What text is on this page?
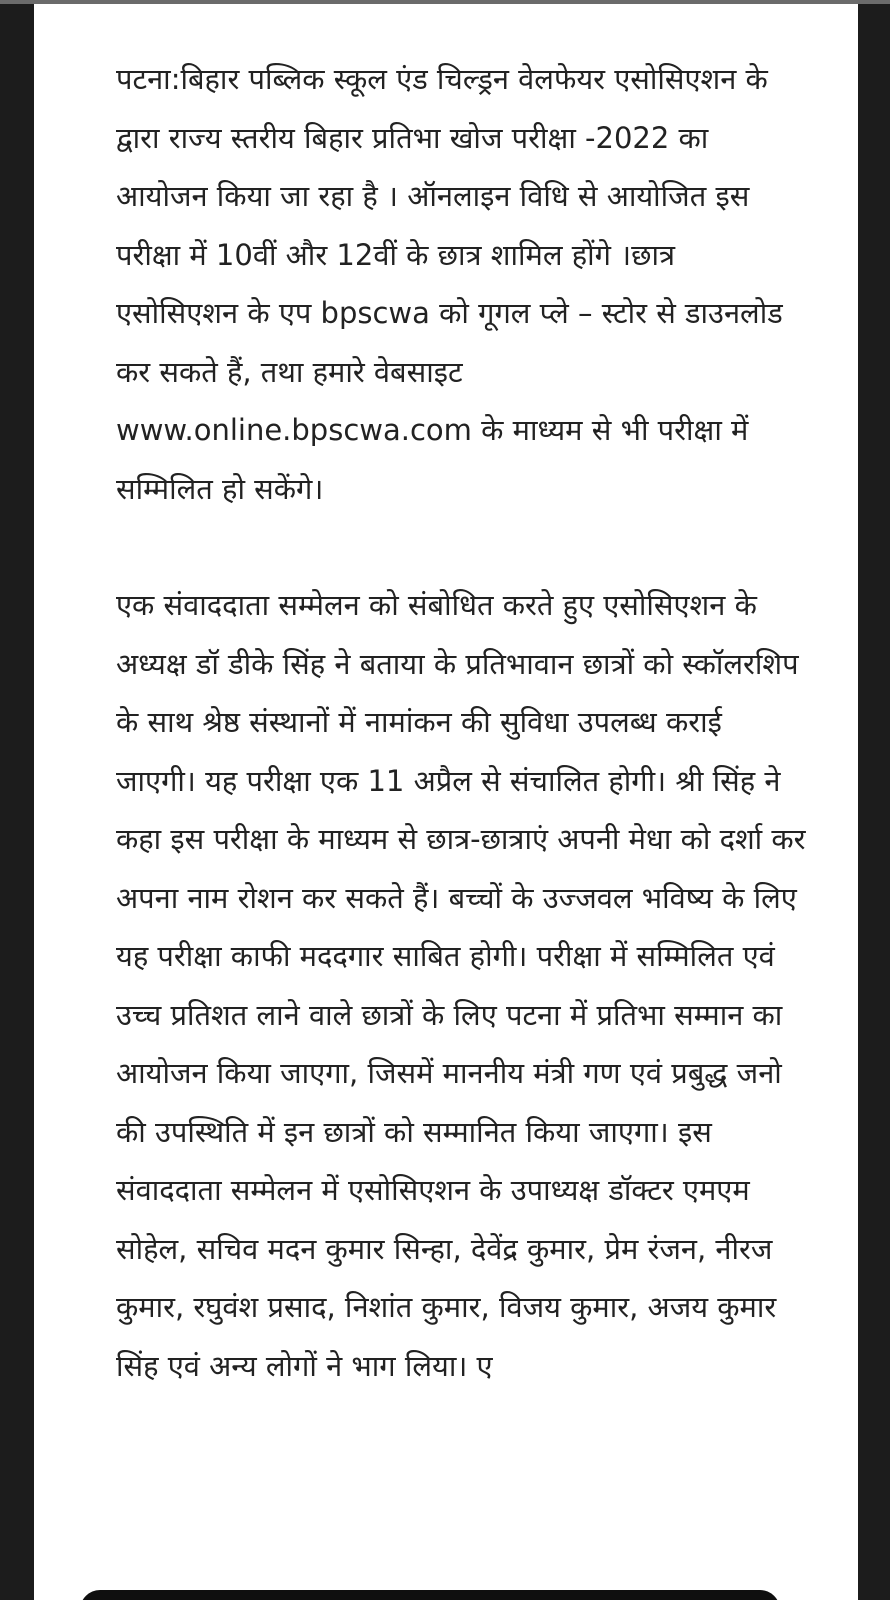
पटना:बिहार पब्लिक स्कूल एंड चिल्ड्रन वेलफेयर एसोसिएशन के द्वारा राज्य स्तरीय बिहार प्रतिभा खोज परीक्षा -2022 का आयोजन किया जा रहा है । ऑनलाइन विधि से आयोजित इस परीक्षा में 10वीं और 12वीं के छात्र शामिल होंगे ।छात्र एसोसिएशन के एप bpscwa को गूगल प्ले – स्टोर से डाउनलोड कर सकते हैं, तथा हमारे वेबसाइट www.online.bpscwa.com के माध्यम से भी परीक्षा में सम्मिलित हो सकेंगे।

एक संवाददाता सम्मेलन को संबोधित करते हुए एसोसिएशन के अध्यक्ष डॉ डीके सिंह ने बताया के प्रतिभावान छात्रों को स्कॉलरशिप के साथ श्रेष्ठ संस्थानों में नामांकन की सुविधा उपलब्ध कराई जाएगी। यह परीक्षा एक 11 अप्रैल से संचालित होगी। श्री सिंह ने कहा इस परीक्षा के माध्यम से छात्र-छात्राएं अपनी मेधा को दर्शा कर अपना नाम रोशन कर सकते हैं। बच्चों के उज्जवल भविष्य के लिए यह परीक्षा काफी मददगार साबित होगी। परीक्षा में सम्मिलित एवं उच्च प्रतिशत लाने वाले छात्रों के लिए पटना में प्रतिभा सम्मान का आयोजन किया जाएगा, जिसमें माननीय मंत्री गण एवं प्रबुद्ध जनो की उपस्थिति में इन छात्रों को सम्मानित किया जाएगा। इस संवाददाता सम्मेलन में एसोसिएशन के उपाध्यक्ष डॉक्टर एमएम सोहेल, सचिव मदन कुमार सिन्हा, देवेंद्र कुमार, प्रेम रंजन, नीरज कुमार, रघुवंश प्रसाद, निशांत कुमार, विजय कुमार, अजय कुमार सिंह एवं अन्य लोगों ने भाग लिया। ए
